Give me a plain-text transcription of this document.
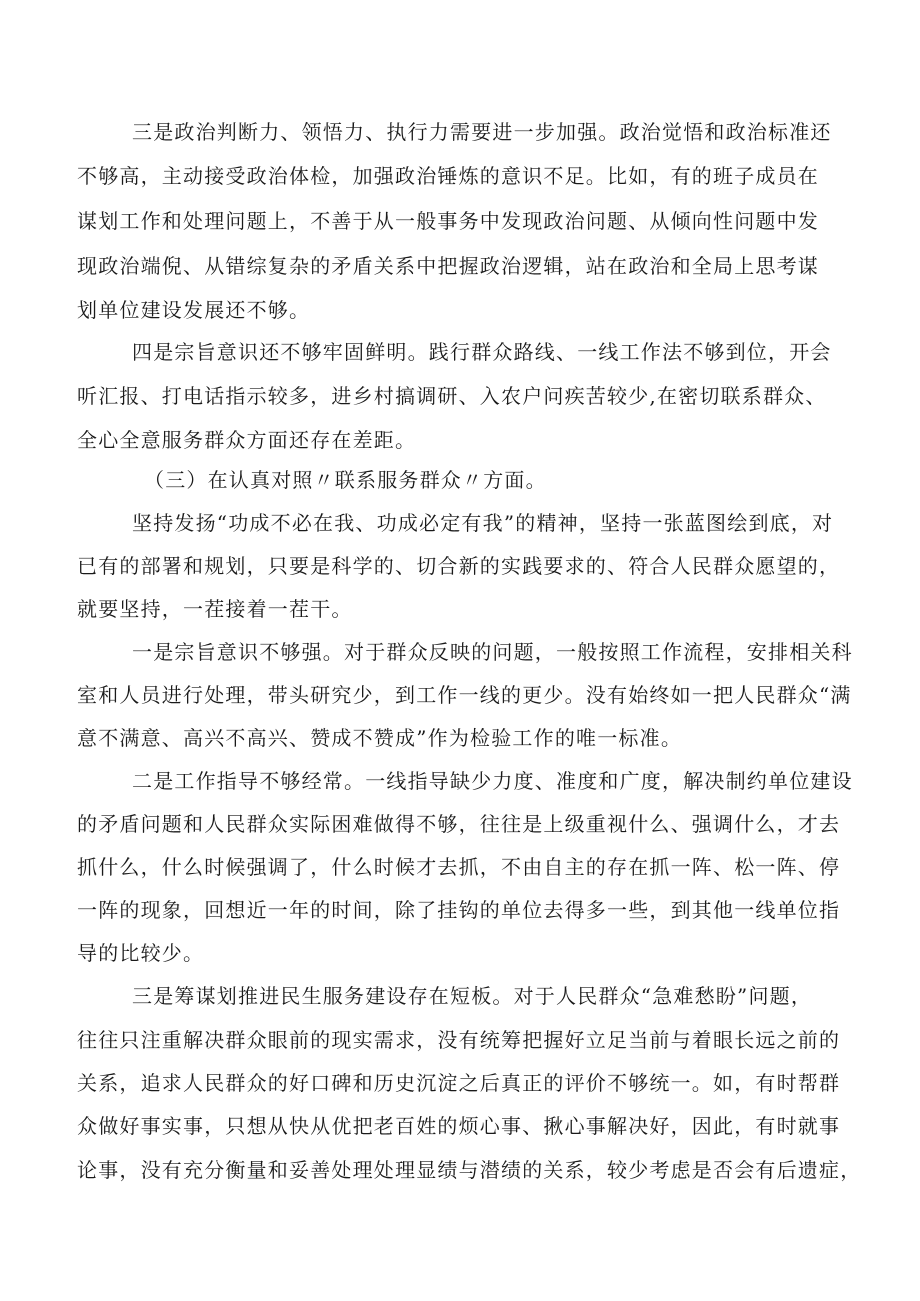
三是政治判断力、领悟力、执行力需要进一步加强。政治觉悟和政治标准还
不够高，主动接受政治体检，加强政治锤炼的意识不足。比如，有的班子成员在
谋划工作和处理问题上，不善于从一般事务中发现政治问题、从倾向性问题中发
现政治端倪、从错综复杂的矛盾关系中把握政治逻辑，站在政治和全局上思考谋
划单位建设发展还不够。
四是宗旨意识还不够牢固鲜明。践行群众路线、一线工作法不够到位，开会
听汇报、打电话指示较多，进乡村搞调研、入农户问疾苦较少,在密切联系群众、
全心全意服务群众方面还存在差距。
（三）在认真对照〃联系服务群众〃方面。
坚持发扬“功成不必在我、功成必定有我”的精神，坚持一张蓝图绘到底，对
已有的部署和规划，只要是科学的、切合新的实践要求的、符合人民群众愿望的，
就要坚持，一茬接着一茬干。
一是宗旨意识不够强。对于群众反映的问题，一般按照工作流程，安排相关科
室和人员进行处理，带头研究少，到工作一线的更少。没有始终如一把人民群众“满
意不满意、高兴不高兴、赞成不赞成”作为检验工作的唯一标准。
二是工作指导不够经常。一线指导缺少力度、准度和广度，解决制约单位建设
的矛盾问题和人民群众实际困难做得不够，往往是上级重视什么、强调什么，才去
抓什么，什么时候强调了，什么时候才去抓，不由自主的存在抓一阵、松一阵、停
一阵的现象，回想近一年的时间，除了挂钩的单位去得多一些，到其他一线单位指
导的比较少。
三是筹谋划推进民生服务建设存在短板。对于人民群众“急难愁盼”问题，
往往只注重解决群众眼前的现实需求，没有统筹把握好立足当前与着眼长远之前的
关系，追求人民群众的好口碑和历史沉淀之后真正的评价不够统一。如，有时帮群
众做好事实事，只想从快从优把老百姓的烦心事、揪心事解决好，因此，有时就事
论事，没有充分衡量和妥善处理处理显绩与潜绩的关系，较少考虑是否会有后遗症，
